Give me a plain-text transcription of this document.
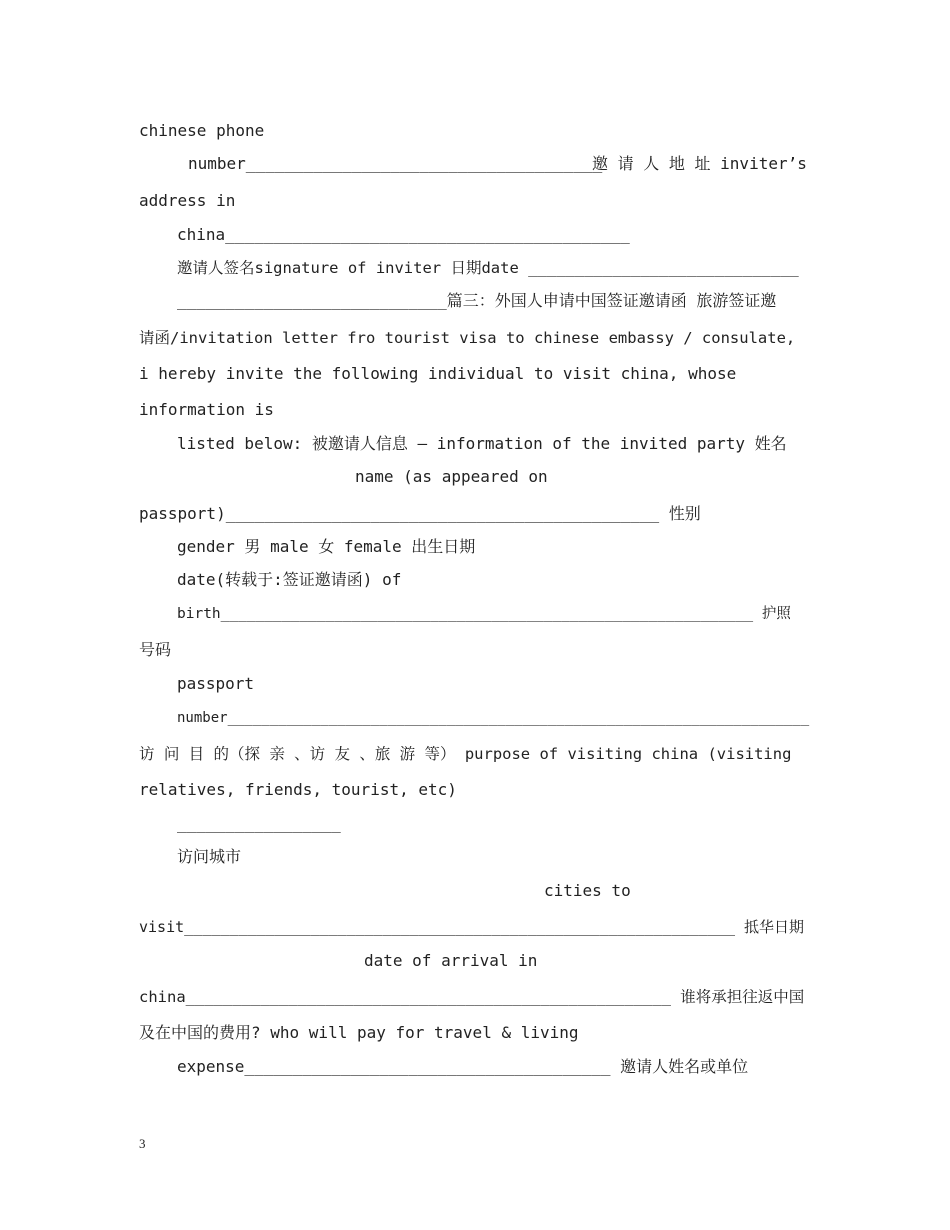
chinese phone
number_____________________________________
邀 请 人 地 址 inviter’s
address in
china__________________________________________
邀请人签名signature of inviter 日期date _____________________________
____________________________篇三：外国人申请中国签证邀请函 旅游签证邀
请函/invitation letter fro tourist visa to chinese embassy / consulate,
i hereby invite the following individual to visit china, whose
information is
listed below: 被邀请人信息 — information of the invited party 姓名
name (as appeared on
passport)_____________________________________________ 性别
gender 男 male 女 female 出生日期
date(转载于:签证邀请函) of
birth_____________________________________________________________ 护照
号码
passport
number_____________________________________________________________________
访 问 目 的（探 亲 、访 友 、旅 游 等） purpose of visiting china (visiting
relatives, friends, tourist, etc)
_________________
访问城市
cities to
visit_____________________________________________________________ 抵华日期
date of arrival in
china____________________________________________________ 谁将承担往返中国
及在中国的费用? who will pay for travel & living
expense______________________________________ 邀请人姓名或单位
3
